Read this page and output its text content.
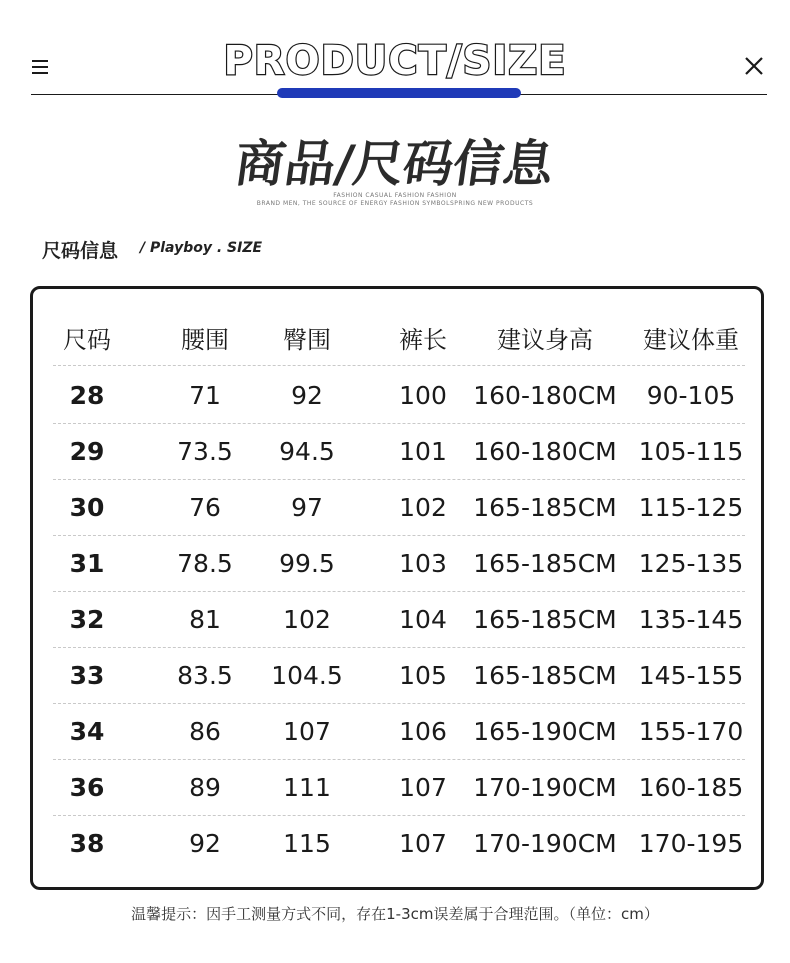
PRODUCT/SIZE
商品/尺码信息
FASHION CASUAL FASHION FASHION
BRAND MEN, THE SOURCE OF ENERGY FASHION SYMBOLSPRING NEW PRODUCTS
尺码信息 / Playboy . SIZE
尺码	腰围	臀围	裤长	建议身高	建议体重
28	71	92	100	160-180CM	90-105
29	73.5	94.5	101	160-180CM 105-115
30	76	97	102	165-185CM 115-125
31	78.5	99.5	103	165-185CM 125-135
32	81	102	104	165-185CM 135-145
33	83.5	104.5	105	165-185CM 145-155
34	86	107	106	165-190CM 155-170
36	89	111	107	170-190CM 160-185
38	92	115	107	170-190CM 170-195
温馨提示：因手工测量方式不同，存在1-3cm误差属于合理范围。（单位：cm）
